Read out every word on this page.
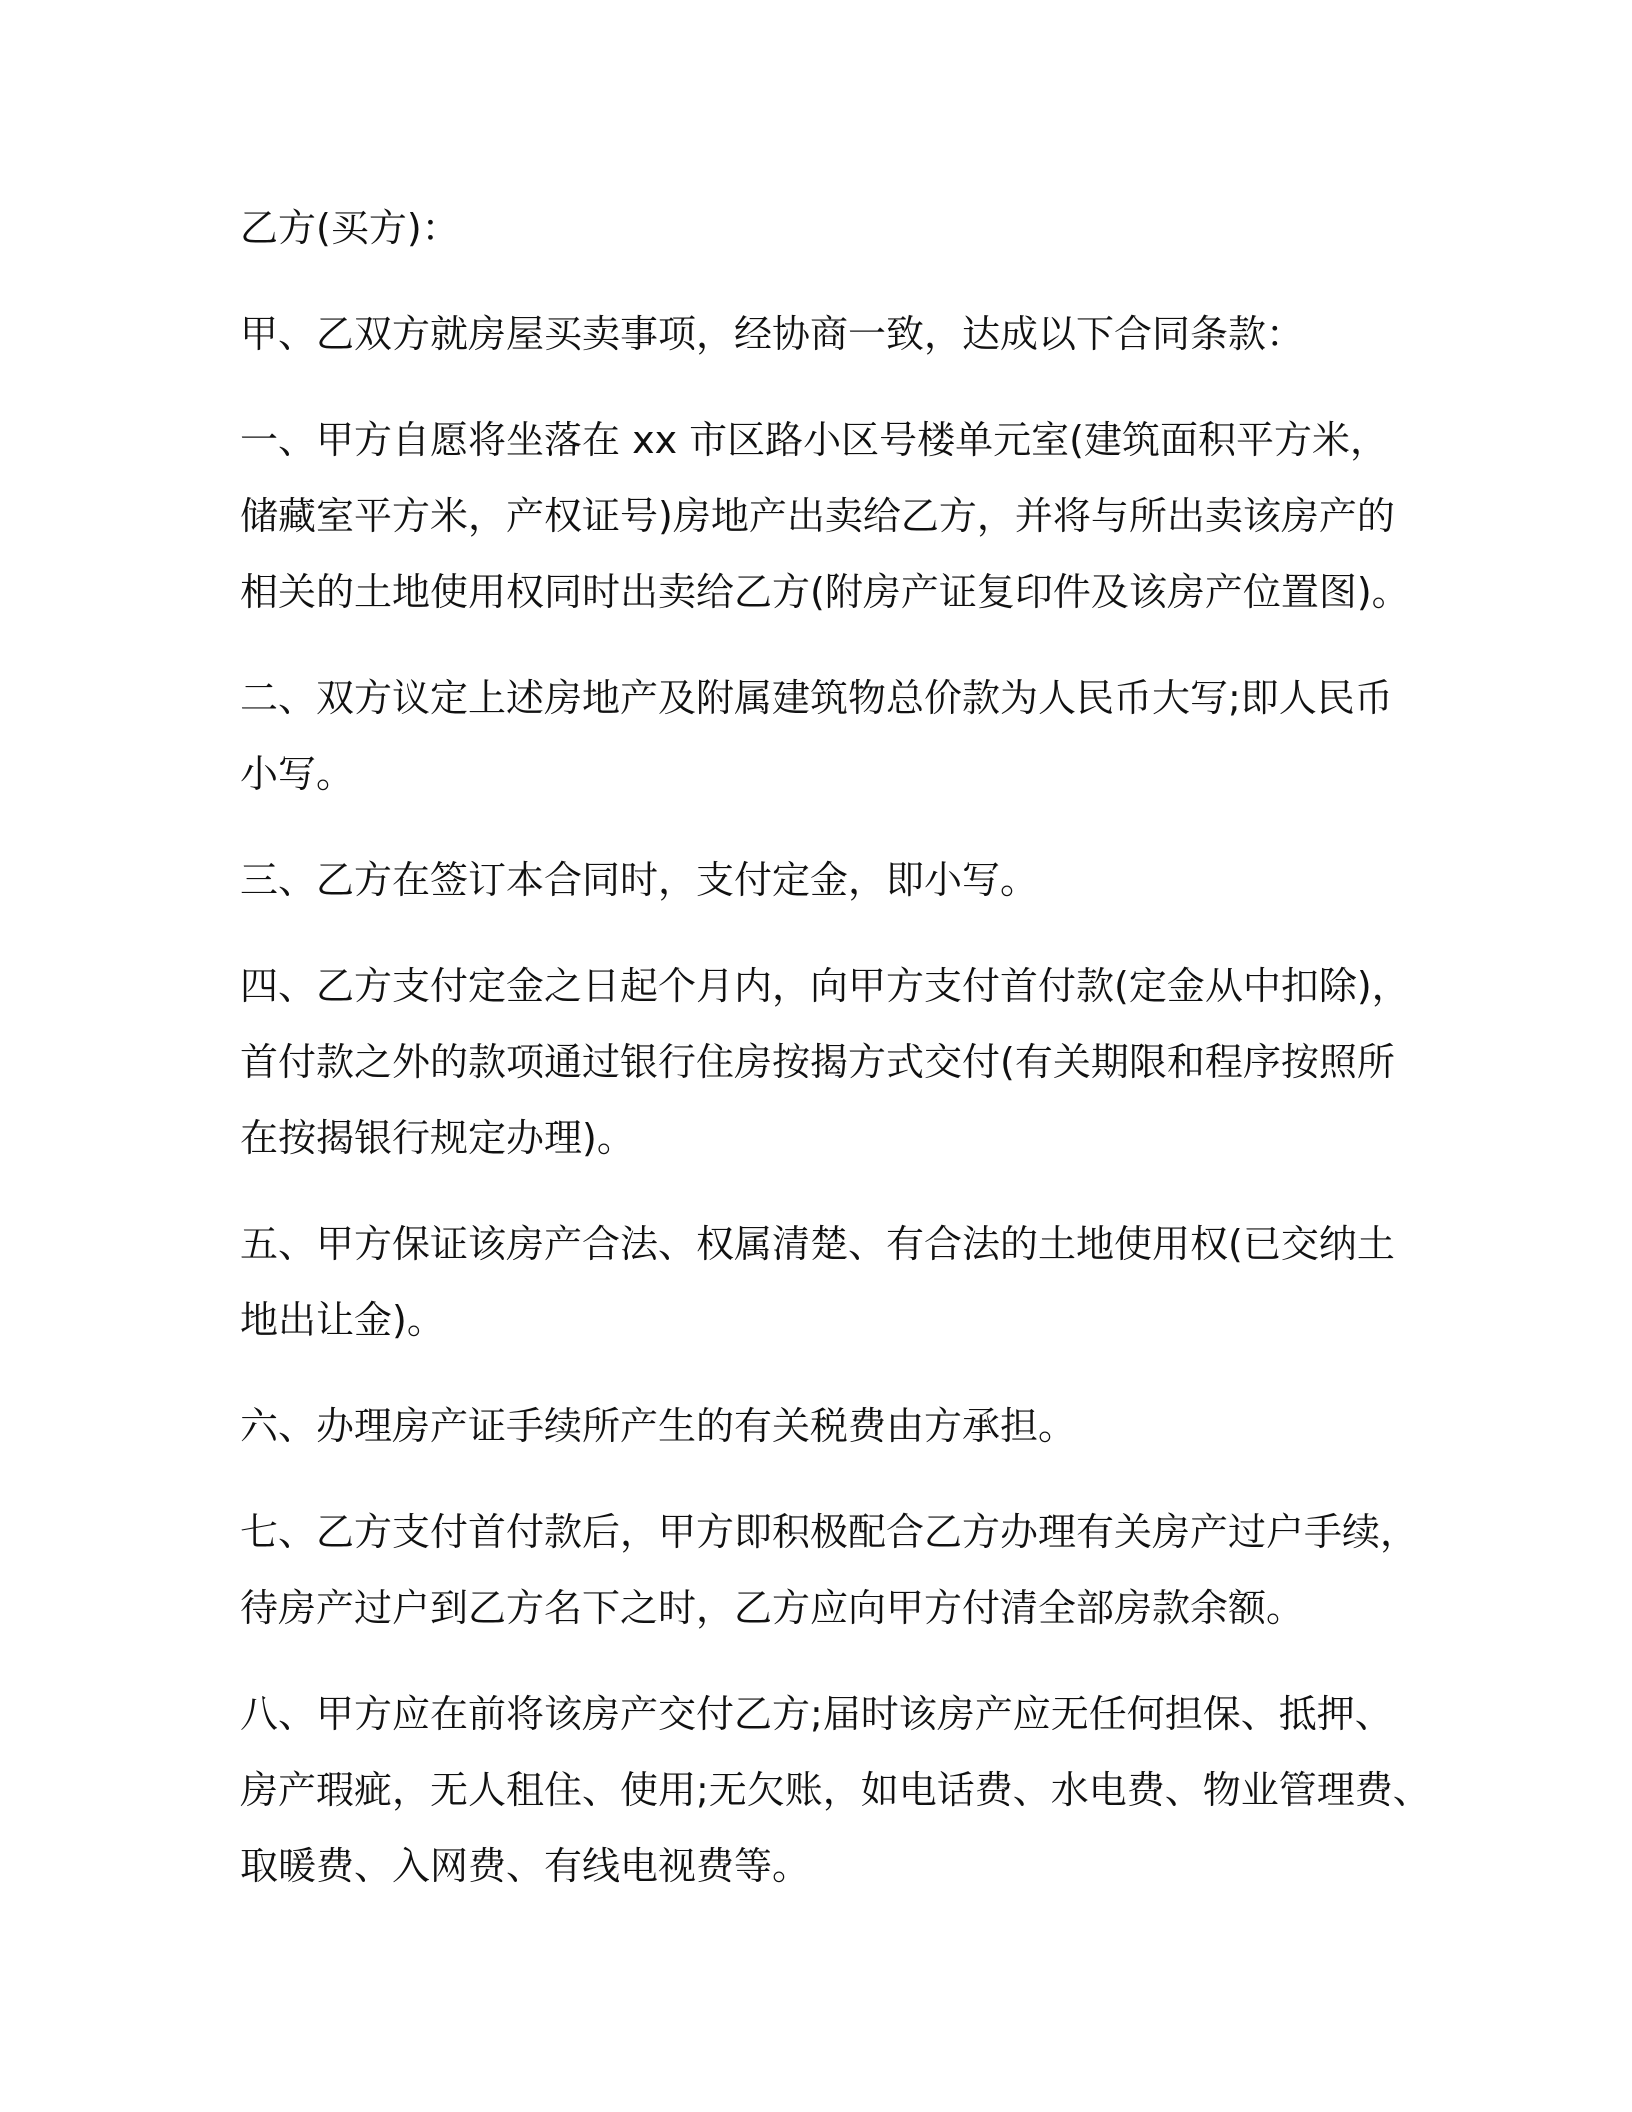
乙方(买方)：

甲、乙双方就房屋买卖事项，经协商一致，达成以下合同条款：

一、甲方自愿将坐落在 xx 市区路小区号楼单元室(建筑面积平方米，
储藏室平方米，产权证号)房地产出卖给乙方，并将与所出卖该房产的
相关的土地使用权同时出卖给乙方(附房产证复印件及该房产位置图)。

二、双方议定上述房地产及附属建筑物总价款为人民币大写;即人民币
小写。

三、乙方在签订本合同时，支付定金，即小写。

四、乙方支付定金之日起个月内，向甲方支付首付款(定金从中扣除)，
首付款之外的款项通过银行住房按揭方式交付(有关期限和程序按照所
在按揭银行规定办理)。

五、甲方保证该房产合法、权属清楚、有合法的土地使用权(已交纳土
地出让金)。

六、办理房产证手续所产生的有关税费由方承担。

七、乙方支付首付款后，甲方即积极配合乙方办理有关房产过户手续，
待房产过户到乙方名下之时，乙方应向甲方付清全部房款余额。

八、甲方应在前将该房产交付乙方;届时该房产应无任何担保、抵押、
房产瑕疵，无人租住、使用;无欠账，如电话费、水电费、物业管理费、
取暖费、入网费、有线电视费等。
